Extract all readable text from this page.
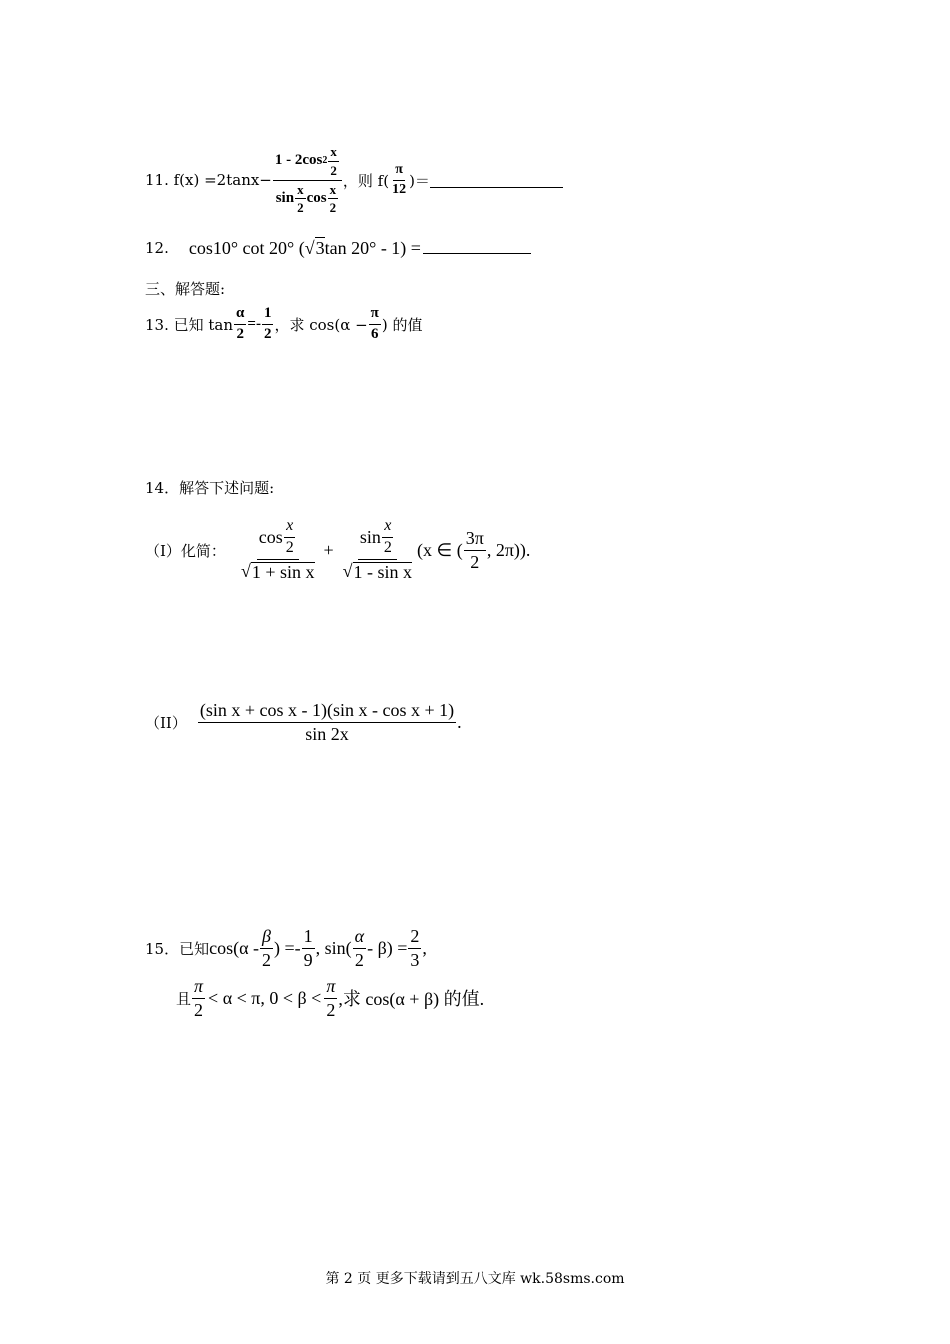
11. f(x) =2tanx−
1 - 2cos $2 \frac{x}{2}$
$\sin \frac{x}{2}$ $\cos \frac{x}{2}$
，则 $f( \frac{\pi}{12}$ )＝
12. cos10° cot 20° ( √ 3 tan 20° - 1) =
三、解答题:
13. 已知 $\tan \frac{\alpha}{2} =- \frac{1}{2}$ ，求 $\cos(\alpha - \frac{\pi}{6}$ ) 的值
14．解答下述问题:
（I）化简： $\frac{\cos \frac{x}{2}}{\text{√ 1 + sin x}} + \frac{\sin \frac{x}{2}}{\text{√ 1 - sin x}} (x$ ∈ ( $\frac{3\pi}{2}$ , 2π)).
$(II) \frac{\text{(sin x + cos x - 1)(sin x - cos x + 1)}}{\sin 2x}$ .
15．已知 $\cos(\alpha - \frac{\beta}{2}$ ) =- $\frac{1}{9}$ , $\sin( \frac{\alpha}{2} - \beta) = \frac{2}{3}$ ,
且 $\frac{\pi}{2} < \alpha < \pi$, $0 < \beta < \frac{\pi}{2}$ ,求 cos(α + β) 的值.
第 2 页 更多下载请到五八文库 wk.58sms.com
